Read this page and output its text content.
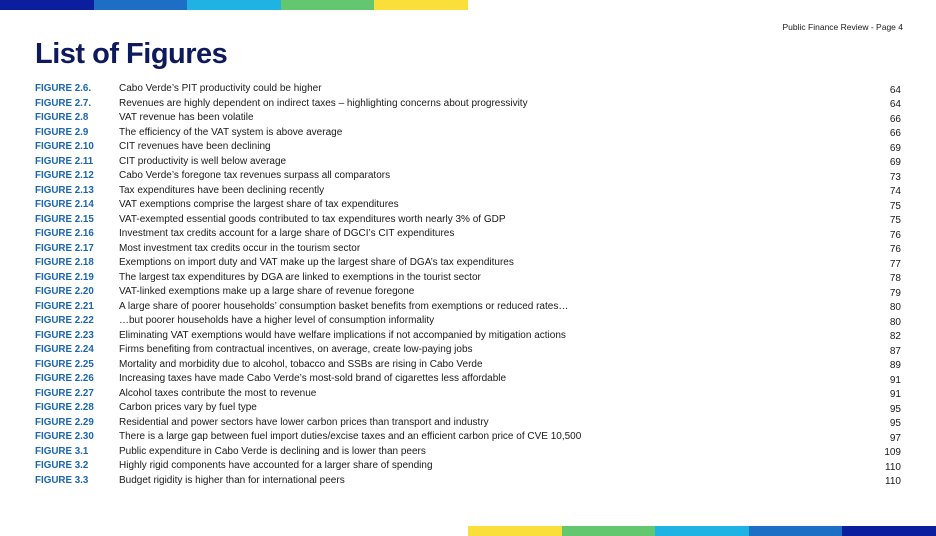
Public Finance Review - Page 4
List of Figures
FIGURE 2.6.	Cabo Verde’s PIT productivity could be higher	64
FIGURE 2.7.	Revenues are highly dependent on indirect taxes – highlighting concerns about progressivity	64
FIGURE 2.8	VAT revenue has been volatile	66
FIGURE 2.9	The efficiency of the VAT system is above average	66
FIGURE 2.10	CIT revenues have been declining	69
FIGURE 2.11	CIT productivity is well below average	69
FIGURE 2.12	Cabo Verde’s foregone tax revenues surpass all comparators	73
FIGURE 2.13	Tax expenditures have been declining recently	74
FIGURE 2.14	VAT exemptions comprise the largest share of tax expenditures	75
FIGURE 2.15	VAT-exempted essential goods contributed to tax expenditures worth nearly 3% of GDP	75
FIGURE 2.16	Investment tax credits account for a large share of DGCI’s CIT expenditures	76
FIGURE 2.17	Most investment tax credits occur in the tourism sector	76
FIGURE 2.18	Exemptions on import duty and VAT make up the largest share of DGA’s tax expenditures	77
FIGURE 2.19	The largest tax expenditures by DGA are linked to exemptions in the tourist sector	78
FIGURE 2.20	VAT-linked exemptions make up a large share of revenue foregone	79
FIGURE 2.21	A large share of poorer households’ consumption basket benefits from exemptions or reduced rates…	80
FIGURE 2.22	…but poorer households have a higher level of consumption informality	80
FIGURE 2.23	Eliminating VAT exemptions would have welfare implications if not accompanied by mitigation actions	82
FIGURE 2.24	Firms benefiting from contractual incentives, on average, create low-paying jobs	87
FIGURE 2.25	Mortality and morbidity due to alcohol, tobacco and SSBs are rising in Cabo Verde	89
FIGURE 2.26	Increasing taxes have made Cabo Verde’s most-sold brand of cigarettes less affordable	91
FIGURE 2.27	Alcohol taxes contribute the most to revenue	91
FIGURE 2.28	Carbon prices vary by fuel type	95
FIGURE 2.29	Residential and power sectors have lower carbon prices than transport and industry	95
FIGURE 2.30	There is a large gap between fuel import duties/excise taxes and an efficient carbon price of CVE 10,500	97
FIGURE 3.1	Public expenditure in Cabo Verde is declining and is lower than peers	109
FIGURE 3.2	Highly rigid components have accounted for a larger share of spending	110
FIGURE 3.3	Budget rigidity is higher than for international peers	110
